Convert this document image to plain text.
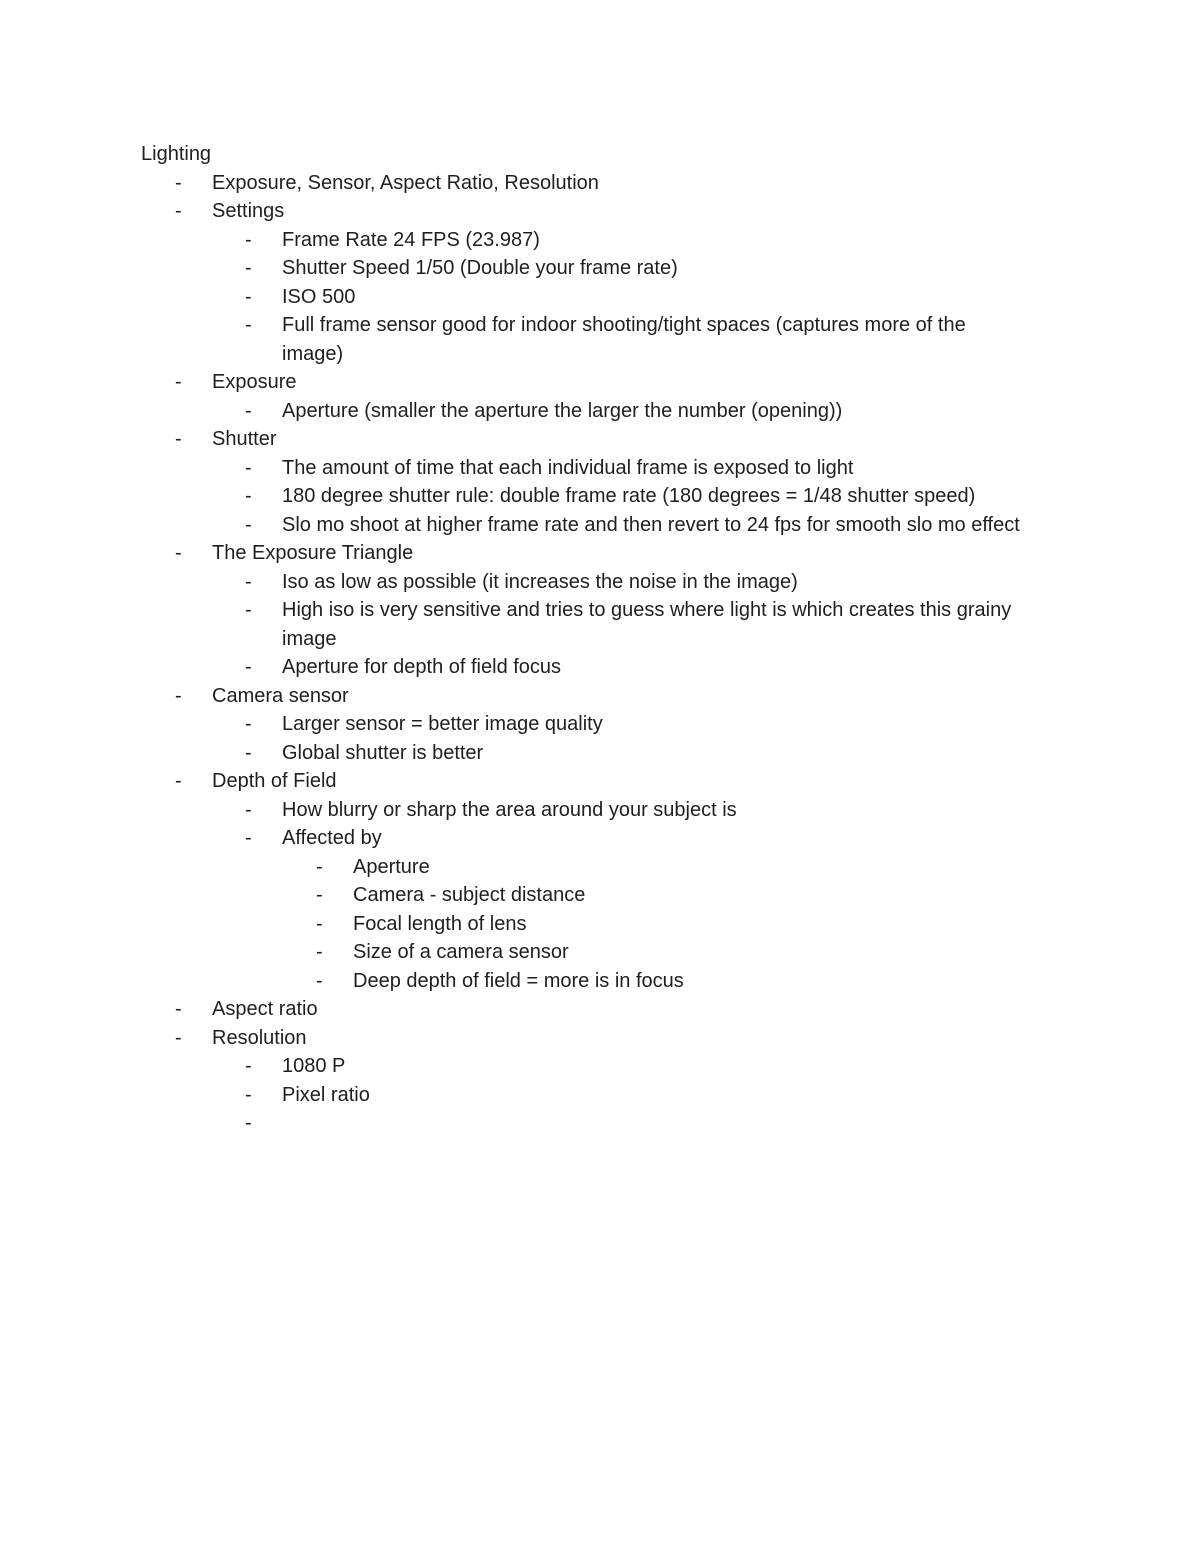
Lighting

-	Exposure, Sensor, Aspect Ratio, Resolution
-	Settings
-	Frame Rate 24 FPS (23.987)
-	Shutter Speed 1/50 (Double your frame rate)
-	ISO 500
-	Full frame sensor good for indoor shooting/tight spaces (captures more of the image)
-	Exposure
-	Aperture (smaller the aperture the larger the number (opening))
-	Shutter
-	The amount of time that each individual frame is exposed to light
-	180 degree shutter rule: double frame rate (180 degrees = 1/48 shutter speed)
-	Slo mo shoot at higher frame rate and then revert to 24 fps for smooth slo mo effect
-	The Exposure Triangle
-	Iso as low as possible (it increases the noise in the image)
-	High iso is very sensitive and tries to guess where light is which creates this grainy image
-	Aperture for depth of field focus
-	Camera sensor
-	Larger sensor = better image quality
-	Global shutter is better
-	Depth of Field
-	How blurry or sharp the area around your subject is
-	Affected by
-	Aperture
-	Camera - subject distance
-	Focal length of lens
-	Size of a camera sensor
-	Deep depth of field = more is in focus
-	Aspect ratio
-	Resolution
-	1080 P
-	Pixel ratio
-
